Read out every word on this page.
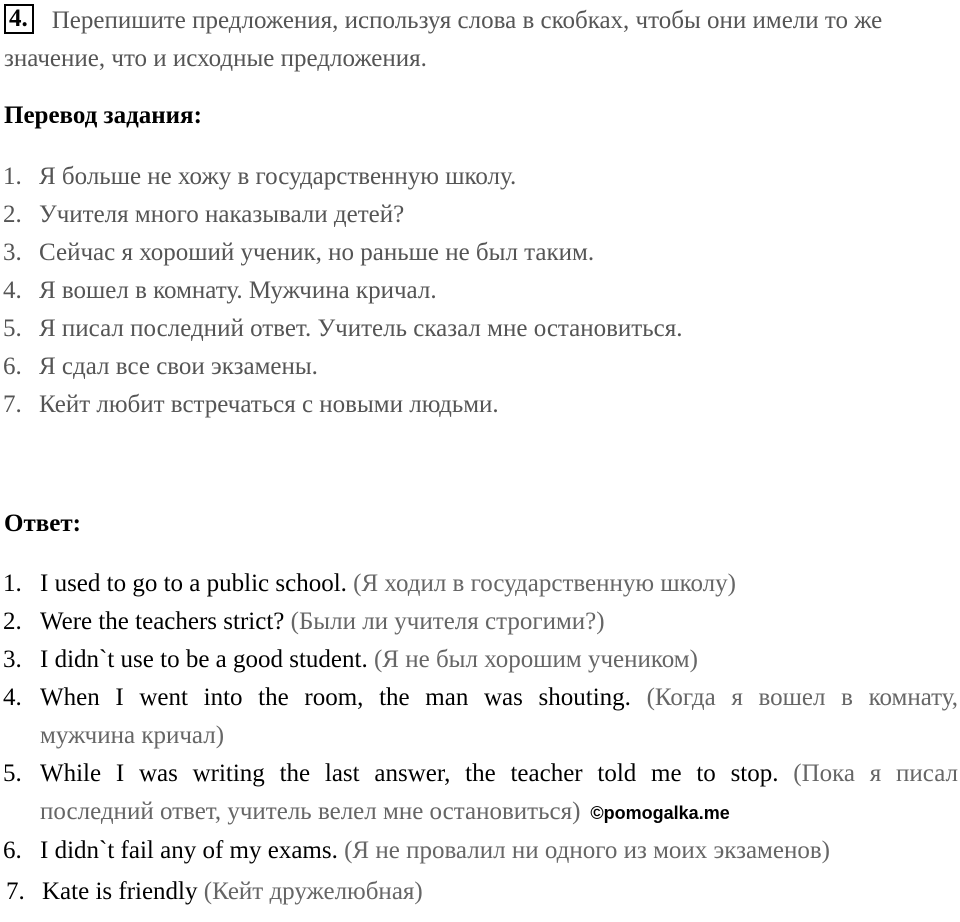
4. Перепишите предложения, используя слова в скобках, чтобы они имели то же значение, что и исходные предложения.
Перевод задания:
1. Я больше не хожу в государственную школу.
2. Учителя много наказывали детей?
3. Сейчас я хороший ученик, но раньше не был таким.
4. Я вошел в комнату. Мужчина кричал.
5. Я писал последний ответ. Учитель сказал мне остановиться.
6. Я сдал все свои экзамены.
7. Кейт любит встречаться с новыми людьми.
Ответ:
1. I used to go to a public school. (Я ходил в государственную школу)
2. Were the teachers strict? (Были ли учителя строгими?)
3. I didn`t use to be a good student. (Я не был хорошим учеником)
4. When I went into the room, the man was shouting. (Когда я вошел в комнату,
мужчина кричал)
5. While I was writing the last answer, the teacher told me to stop. (Пока я писал
последний ответ, учитель велел мне остановиться) ©pomogalka.me
6. I didn`t fail any of my exams. (Я не провалил ни одного из моих экзаменов)
7. Kate is friendly (Кейт дружелюбная)
